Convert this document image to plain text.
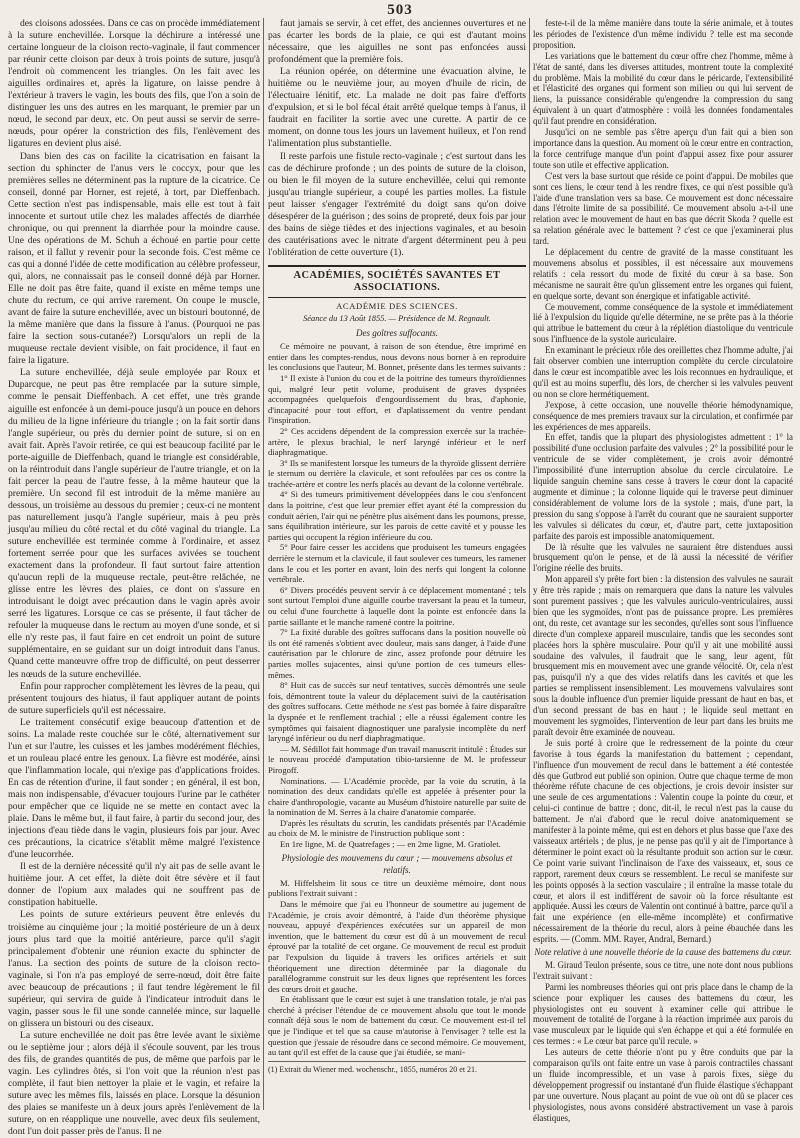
503

des cloisons adossées. Dans ce cas on procède immédiatement à la suture enchevillée. Lorsque la déchirure a intéressé une certaine longueur de la cloison recto-vaginale, il faut commencer par réunir cette cloison par deux à trois points de suture, jusqu'à l'endroit où commencent les triangles. On les fait avec les aiguilles ordinaires et, après la ligature, on laisse pendre à l'extérieur à travers le vagin, les bouts des fils, que l'on a soin de distinguer les uns des autres en les marquant, le premier par un nœud, le second par deux, etc. On peut aussi se servir de serre-nœuds, pour opérer la constriction des fils, l'enlèvement des ligatures en devient plus aisé.

Dans bien des cas on facilite la cicatrisation en faisant la section du sphincter de l'anus vers le coccyx, pour que les premières selles ne déterminent pas la rupture de la cicatrice. Ce conseil, donné par Horner, est rejeté, à tort, par Dieffenbach. Cette section n'est pas indispensable, mais elle est tout à fait innocente et surtout utile chez les malades affectés de diarrhée chronique, ou qui prennent la diarrhée pour la moindre cause. Une des opérations de M. Schuh a échoué en partie pour cette raison, et il fallut y revenir pour la seconde fois. C'est même ce cas qui a donné l'idée de cette modification au célèbre professeur, qui, alors, ne connaissait pas le conseil donné déjà par Horner. Elle ne doit pas être faite, quand il existe en même temps une chute du rectum, ce qui arrive rarement. On coupe le muscle, avant de faire la suture enchevillée, avec un bistouri boutonné, de la même manière que dans la fissure à l'anus. (Pourquoi ne pas faire la section sous-cutanée?) Lorsqu'alors un repli de la muqueuse rectale devient visible, on fait procidence, il faut en faire la ligature.

La suture enchevillée, déjà seule employée par Roux et Duparcque, ne peut pas être remplacée par la suture simple, comme le pensait Dieffenbach. A cet effet, une très grande aiguille est enfoncée à un demi-pouce jusqu'à un pouce en dehors du milieu de la ligne inférieure du triangle ; on la fait sortir dans l'angle supérieur, ou près du dernier point de suture, si on en avait fait. Après l'avoir retirée, ce qui est beaucoup facilité par le porte-aiguille de Dieffenbach, quand le triangle est considérable, on la réintroduit dans l'angle supérieur de l'autre triangle, et on la fait percer la peau de l'autre fesse, à la même hauteur que la première. Un second fil est introduit de la même manière au dessous, un troisième au dessous du premier ; ceux-ci ne montent pas naturellement jusqu'à l'angle supérieur, mais à peu près jusqu'au milieu du côté rectal et du côté vaginal du triangle. La suture enchevillée est terminée comme à l'ordinaire, et assez fortement serrée pour que les surfaces avivées se touchent exactement dans la profondeur. Il faut surtout faire attention qu'aucun repli de la muqueuse rectale, peut-être relâchée, ne glisse entre les lèvres des plaies, ce dont on s'assure en introduisant le doigt avec précaution dans le vagin après avoir serré les ligatures. Lorsque ce cas se présente, il faut tâcher de refouler la muqueuse dans le rectum au moyen d'une sonde, et si elle n'y reste pas, il faut faire en cet endroit un point de suture supplémentaire, en se guidant sur un doigt introduit dans l'anus. Quand cette manœuvre offre trop de difficulté, on peut desserrer les nœuds de la suture enchevillée.

Enfin pour rapprocher complètement les lèvres de la peau, qui présentent toujours des hiatus, il faut appliquer autant de points de suture superficiels qu'il est nécessaire.

Le traitement consécutif exige beaucoup d'attention et de soins. La malade reste couchée sur le côté, alternativement sur l'un et sur l'autre, les cuisses et les jambes modérément fléchies, et un rouleau placé entre les genoux. La fièvre est modérée, ainsi que l'inflammation locale, qui n'exige pas d'applications froides. En cas de rétention d'urine, il faut sonder ; en général, il est bon, mais non indispensable, d'évacuer toujours l'urine par le cathéter pour empêcher que ce liquide ne se mette en contact avec la plaie. Dans le même but, il faut faire, à partir du second jour, des injections d'eau tiède dans le vagin, plusieurs fois par jour. Avec ces précautions, la cicatrice s'établit même malgré l'existence d'une leucorrhée.

Il est de la dernière nécessité qu'il n'y ait pas de selle avant le huitième jour. A cet effet, la diète doit être sévère et il faut donner de l'opium aux malades qui ne souffrent pas de constipation habituelle.

Les points de suture extérieurs peuvent être enlevés du troisième au cinquième jour ; la moitié postérieure de un à deux jours plus tard que la moitié antérieure, parce qu'il s'agit principalement d'obtenir une réunion exacte du sphincter de l'anus. La section des points de suture de la cloison recto-vaginale, si l'on n'a pas employé de serre-nœud, doit être faite avec beaucoup de précautions ; il faut tendre légèrement le fil supérieur, qui servira de guide à l'indicateur introduit dans le vagin, passer sous le fil une sonde cannelée mince, sur laquelle on glissera un bistouri ou des ciseaux.

La suture enchevillée ne doit pas être levée avant le sixième ou le septième jour ; alors déjà il s'écoule souvent, par les trous des fils, de grandes quantités de pus, de même que parfois par le vagin. Les cylindres ôtés, si l'on voit que la réunion n'est pas complète, il faut bien nettoyer la plaie et le vagin, et refaire la suture avec les mêmes fils, laissés en place. Lorsque la désunion des plaies se manifeste un à deux jours après l'enlèvement de la suture, on en réapplique une nouvelle, avec deux fils seulement, dont l'un doit passer près de l'anus. Il ne

faut jamais se servir, à cet effet, des anciennes ouvertures et ne pas écarter les bords de la plaie, ce qui est d'autant moins nécessaire, que les aiguilles ne sont pas enfoncées aussi profondément que la première fois.

La réunion opérée, on détermine une évacuation alvine, le huitième ou le neuvième jour, au moyen d'huile de ricin, de l'électuaire lénitif, etc. La malade ne doit pas faire d'efforts d'expulsion, et si le bol fécal était arrêté quelque temps à l'anus, il faudrait en faciliter la sortie avec une curette. A partir de ce moment, on donne tous les jours un lavement huileux, et l'on rend l'alimentation plus substantielle.

Il reste parfois une fistule recto-vaginale ; c'est surtout dans les cas de déchirure profonde ; un des points de suture de la cloison, ou bien le fil moyen de la suture enchevillée, celui qui remonte jusqu'au triangle supérieur, a coupé les parties molles. La fistule peut laisser s'engager l'extrémité du doigt sans qu'on doive désespérer de la guérison ; des soins de propreté, deux fois par jour des bains de siège tièdes et des injections vaginales, et au besoin des cautérisations avec le nitrate d'argent déterminent peu à peu l'oblitération de cette ouverture (1).

ACADÉMIES, SOCIÉTÉS SAVANTES ET ASSOCIATIONS.
ACADÉMIE DES SCIENCES.
Séance du 13 Août 1855. — Présidence de M. Regnault.
Des goîtres suffocants.

Ce mémoire ne pouvant, à raison de son étendue, être imprimé en entier dans les comptes-rendus, nous devons nous borner à en reproduire les conclusions que l'auteur, M. Bonnet, présente dans les termes suivants :

1° Il existe à l'union du cou et de la poitrine des tumeurs thyroïdiennes qui, malgré leur petit volume, produisent de graves dyspnées accompagnées quelquefois d'engourdissement du bras, d'aphonie, d'incapacité pour tout effort, et d'aplatissement du ventre pendant l'inspiration.

2° Ces accidens dépendent de la compression exercée sur la trachée-artère, le plexus brachial, le nerf laryngé inférieur et le nerf diaphragmatique.

3° Ils se manifestent lorsque les tumeurs de la thyroïde glissent derrière le sternum ou derrière la clavicule, et sont refoulées par ces os contre la trachée-artère et contre les nerfs placés au devant de la colonne vertébrale.

4° Si des tumeurs primitivement développées dans le cou s'enfoncent dans la poitrine, c'est que leur premier effet ayant été la compression du conduit aérien, l'air qui ne pénètre plus aisément dans les poumons, presse, sans équilibration intérieure, sur les parois de cette cavité et y pousse les parties qui occupent la région inférieure du cou.

5° Pour faire cesser les accidens que produisent les tumeurs engagées derrière le sternum et la clavicule, il faut soulever ces tumeurs, les ramener dans le cou et les porter en avant, loin des nerfs qui longent la colonne vertébrale.

6° Divers procédés peuvent servir à ce déplacement momentané ; tels sont surtout l'emploi d'une aiguille courbe traversant la peau et la tumeur, ou celui d'une fourchette à laquelle dont la pointe est enfoncée dans la partie saillante et le manche ramené contre la poitrine.

7° La fixité durable des goîtres suffocans dans la position nouvelle où ils ont été ramenés s'obtient avec douleur, mais sans danger, à l'aide d'une cautérisation par le chlorure de zinc, assez profonde pour détruire les parties molles sujacentes, ainsi qu'une portion de ces tumeurs elles-mêmes.

8° Huit cas de succès sur neuf tentatives, succès démontrés une seule fois, démontrent toute la valeur du déplacement suivi de la cautérisation des goîtres suffocans. Cette méthode ne s'est pas bornée à faire disparaître la dyspnée et le renflement trachial ; elle a réussi également contre les symptômes qui faisaient diagnostiquer une paralysie incomplète du nerf laryngé inférieur ou du nerf diaphragmatique.

— M. Sédillot fait hommage d'un travail manuscrit intitulé : Études sur le nouveau procédé d'amputation tibio-tarsienne de M. le professeur Pirogoff.

Nominations. — L'Académie procède, par la voie du scrutin, à la nomination des deux candidats qu'elle est appelée à présenter pour la chaire d'anthropologie, vacante au Muséum d'histoire naturelle par suite de la nomination de M. Serres à la chaire d'anatomie comparée.

D'après les résultats du scrutin, les candidats présentés par l'Académie au choix de M. le ministre de l'instruction publique sont :

En 1re ligne, M. de Quatrefages ; — en 2me ligne, M. Gratiolet.

Physiologie des mouvemens du cœur ; — mouvemens absolus et relatifs.

M. Hiffelsheim lit sous ce titre un deuxième mémoire, dont nous publions l'extrait suivant :

Dans le mémoire que j'ai eu l'honneur de soumettre au jugement de l'Académie, je crois avoir démontré, à l'aide d'un théorème physique nouveau, appuyé d'expériences exécutées sur un appareil de mon invention, que le battement du cœur est dû à un mouvement de recul éprouvé par la totalité de cet organe. Ce mouvement de recul est produit par l'expulsion du liquide à travers les orifices artériels et suit théoriquement une direction déterminée par la diagonale du parallélogramme construit sur les deux lignes que représentent les forces des cœurs droit et gauche.

En établissant que le cœur est sujet à une translation totale, je n'ai pas cherché à préciser l'étendue de ce mouvement absolu que tout le monde connaît déjà sous le nom de battement du cœur. Ce mouvement est-il tel que je l'indique et tel que sa cause m'autorise à l'envisager ? telle est la question que j'essaie de résoudre dans ce second mémoire. Ce mouvement, au tant qu'il est effet de la cause que j'ai étudiée, se mani-

(1) Extrait du Wiener med. wochenschr., 1855, numéros 20 et 21.

feste-t-il de la même manière dans toute la série animale, et à toutes les périodes de l'existence d'un même individu ? telle est ma seconde proposition.

Les variations que le battement du cœur offre chez l'homme, même à l'état de santé, dans les diverses attitudes, montrent toute la complexité du problème. Mais la mobilité du cœur dans le péricarde, l'extensibilité et l'élasticité des organes qui forment son milieu ou qui lui servent de liens, la puissance considérable qu'engendre la compression du sang équivalent à un quart d'atmosphère : voilà les données fondamentales qu'il faut prendre en considération.

Jusqu'ici on ne semble pas s'être aperçu d'un fait qui a bien son importance dans la question. Au moment où le cœur entre en contraction, la force centrifuge manque d'un point d'appui assez fixe pour assurer toute son utile et effective application.

C'est vers la base surtout que réside ce point d'appui. De mobiles que sont ces liens, le cœur tend à les rendre fixes, ce qui n'est possible qu'à l'aide d'une translation vers sa base. Ce mouvement est donc nécessaire dans l'étroite limite de sa possibilité. Ce mouvement absolu a-t-il une relation avec le mouvement de haut en bas que décrit Skoda ? quelle est sa relation générale avec le battement ? c'est ce que j'examinerai plus tard.

Le déplacement du centre de gravité de la masse constituant les mouvemens absolus et possibles, il est nécessaire aux mouvemens relatifs : cela ressort du mode de fixité du cœur à sa base. Son mécanisme ne saurait être qu'un glissement entre les organes qui fuient, en quelque sorte, devant son énergique et infatigable activité.

Ce mouvement, comme conséquence de la systole et immédiatement lié à l'expulsion du liquide qu'elle détermine, ne se prête pas à la théorie qui attribue le battement du cœur à la réplétion diastolique du ventricule sous l'influence de la systole auriculaire.

En examinant le précieux rôle des oreillettes chez l'homme adulte, j'ai fait observer combien une interruption complète du cercle circulatoire dans le cœur est incompatible avec les lois reconnues en hydraulique, et qu'il est au moins superflu, dès lors, de chercher si les valvules peuvent ou non se clore hermétiquement.

J'expose, à cette occasion, une nouvelle théorie hémodynamique, conséquence de mes premiers travaux sur la circulation, et confirmée par les expériences de mes appareils.

En effet, tandis que la plupart des physiologistes admettent : 1° la possibilité d'une occlusion parfaite des valvules ; 2° la possibilité pour le ventricule de se vider complètement, je crois avoir démontré l'impossibilité d'une interruption absolue du cercle circulatoire. Le liquide sanguin chemine sans cesse à travers le cœur dont la capacité augmente et diminue ; la colonne liquide qui le traverse peut diminuer considérablement de volume lors de la systole ; mais, d'une part, la pression du sang s'oppose à l'arrêt du courant que ne sauraient supporter les valvules si délicates du cœur, et, d'autre part, cette juxtaposition parfaite des parois est impossible anatomiquement.

De là résulte que les valvules ne sauraient être distendues aussi brusquement qu'on le pense, et de là aussi la nécessité de vérifier l'origine réelle des bruits.

Mon appareil s'y prête fort bien : la distension des valvules ne saurait y être très rapide ; mais on remarquera que dans la nature les valvules sont purement passives ; que les valvules auriculo-ventriculaires, aussi bien que les sygmoïdes, n'ont pas de puissance propre. Les premières ont, du reste, cet avantage sur les secondes, qu'elles sont sous l'influence directe d'un complexe appareil musculaire, tandis que les secondes sont placées hors la sphère musculaire. Pour qu'il y ait une mobilité aussi soudaine des valvules, il faudrait que le sang, leur agent, fût brusquement mis en mouvement avec une grande vélocité. Or, cela n'est pas, puisqu'il n'y a que des vides relatifs dans les cavités et que les parties se remplissent insensiblement. Les mouvemens valvulaires sont sous la double influence d'un premier liquide pressant de haut en bas, et d'un second pressant de bas en haut ; le liquide seul mettant en mouvement les sygmoïdes, l'intervention de leur part dans les bruits me paraît devoir être examinée de nouveau.

Je suis porté à croire que le redressement de la pointe du cœur favorise à tous égards la manifestation du battement ; cependant, l'influence d'un mouvement de recul dans le battement a été contestée dès que Gutbrod eut publié son opinion. Outre que chaque terme de mon théorème réfute chacune de ces objections, je crois devoir insister sur une seule de ces argumentations : Valentin coupe la pointe du cœur, et celui-ci continue de battre ; donc, dit-il, le recul n'est pas la cause du battement. Je n'ai d'abord que le recul doive anatomiquement se manifester à la pointe même, qui est en dehors et plus basse que l'axe des vaisseaux artériels ; de plus, je ne pense pas qu'il y ait de l'importance à déterminer le point exact où la résultante produit son action sur le cœur. Ce point varie suivant l'inclinaison de l'axe des vaisseaux, et, sous ce rapport, rarement deux cœurs se ressemblent. Le recul se manifeste sur les points opposés à la section vasculaire ; il entraîne la masse totale du cœur, et alors il est indifférent de savoir où la force résultante est appliquée. Aussi les cœurs de Valentin ont continué à battre, parce qu'il a fait une expérience (en elle-même incomplète) et confirmative nécessairement de la théorie du recul, alors à peine ébauchée dans les esprits. — (Comm. MM. Rayer, Andral, Bernard.)

Note relative à une nouvelle théorie de la cause des battemens du cœur.

M. Giraud Teulon présente, sous ce titre, une note dont nous publions l'extrait suivant :

Parmi les nombreuses théories qui ont pris place dans le champ de la science pour expliquer les causes des battemens du cœur, les physiologistes ont eu souvent à examiner celle qui attribue le mouvement de totalité de l'organe à la réaction imprimée aux parois du vase musculeux par le liquide qui s'en échappe et qui a été formulée en ces termes : « Le cœur bat parce qu'il recule. »

Les auteurs de cette théorie n'ont pu y être conduits que par la comparaison qu'ils ont faite entre un vase à parois contractiles chassant un fluide incompressible, et un vase à parois fixes, siège du développement progressif ou instantané d'un fluide élastique s'échappant par une ouverture. Nous plaçant au point de vue où ont dû se placer ces physiologistes, nous avons considéré abstractivement un vase à parois élastiques,
